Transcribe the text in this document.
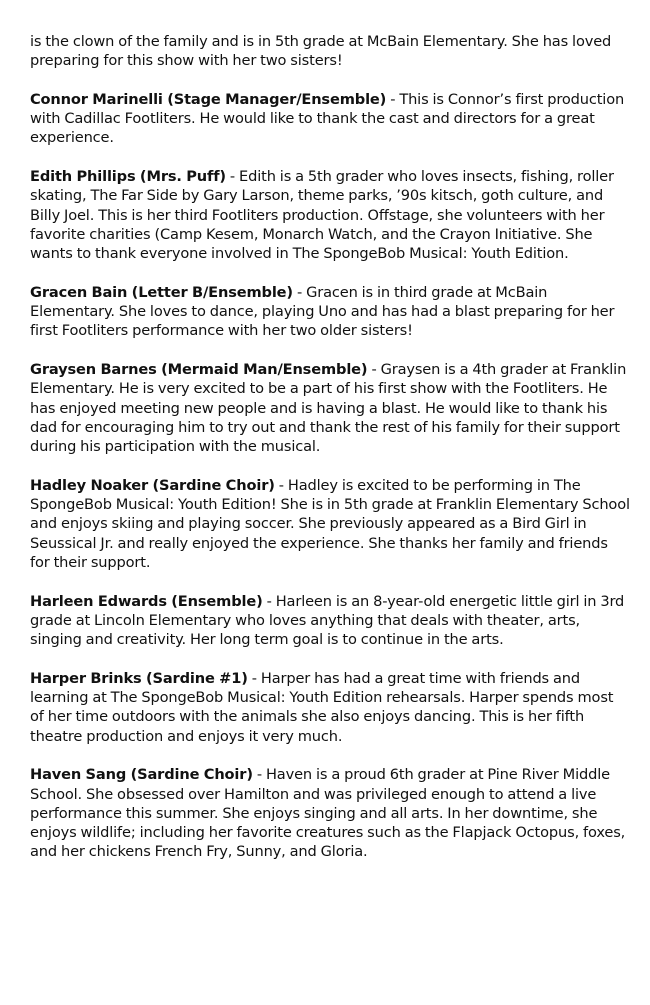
is the clown of the family and is in 5th grade at McBain Elementary. She has loved preparing for this show with her two sisters!

Connor Marinelli (Stage Manager/Ensemble) - This is Connor’s first production with Cadillac Footliters. He would like to thank the cast and directors for a great experience.

Edith Phillips (Mrs. Puff) - Edith is a 5th grader who loves insects, fishing, roller skating, The Far Side by Gary Larson, theme parks, ’90s kitsch, goth culture, and Billy Joel. This is her third Footliters production. Offstage, she volunteers with her favorite charities (Camp Kesem, Monarch Watch, and the Crayon Initiative. She wants to thank everyone involved in The SpongeBob Musical: Youth Edition.

Gracen Bain (Letter B/Ensemble) - Gracen is in third grade at McBain Elementary. She loves to dance, playing Uno and has had a blast preparing for her first Footliters performance with her two older sisters!

Graysen Barnes (Mermaid Man/Ensemble) - Graysen is a 4th grader at Franklin Elementary. He is very excited to be a part of his first show with the Footliters. He has enjoyed meeting new people and is having a blast. He would like to thank his dad for encouraging him to try out and thank the rest of his family for their support during his participation with the musical.

Hadley Noaker (Sardine Choir) - Hadley is excited to be performing in The SpongeBob Musical: Youth Edition! She is in 5th grade at Franklin Elementary School and enjoys skiing and playing soccer. She previously appeared as a Bird Girl in Seussical Jr. and really enjoyed the experience. She thanks her family and friends for their support.

Harleen Edwards (Ensemble) - Harleen is an 8-year-old energetic little girl in 3rd grade at Lincoln Elementary who loves anything that deals with theater, arts, singing and creativity. Her long term goal is to continue in the arts.

Harper Brinks (Sardine #1) - Harper has had a great time with friends and learning at The SpongeBob Musical: Youth Edition rehearsals. Harper spends most of her time outdoors with the animals she also enjoys dancing. This is her fifth theatre production and enjoys it very much.

Haven Sang (Sardine Choir) - Haven is a proud 6th grader at Pine River Middle School. She obsessed over Hamilton and was privileged enough to attend a live performance this summer. She enjoys singing and all arts. In her downtime, she enjoys wildlife; including her favorite creatures such as the Flapjack Octopus, foxes, and her chickens French Fry, Sunny, and Gloria.
